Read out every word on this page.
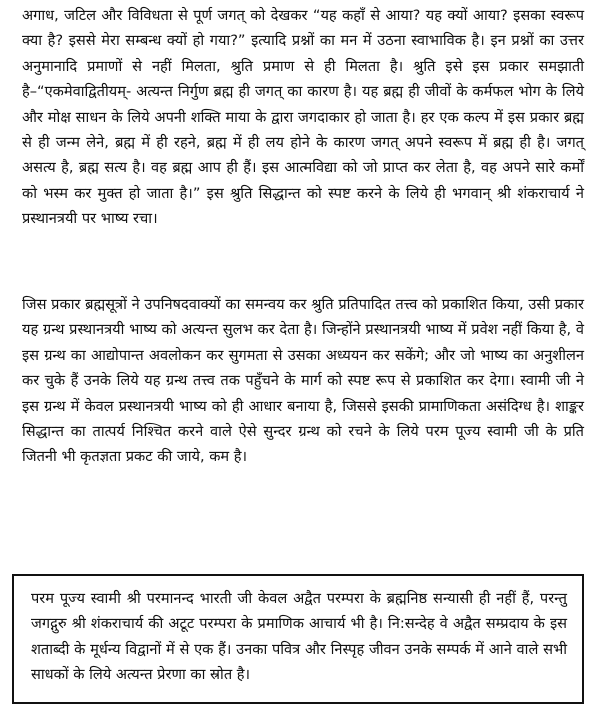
अगाध, जटिल और विविधता से पूर्ण जगत् को देखकर “यह कहाँ से आया? यह क्यों आया? इसका स्वरूप क्या है? इससे मेरा सम्बन्ध क्यों हो गया?” इत्यादि प्रश्नों का मन में उठना स्वाभाविक है। इन प्रश्नों का उत्तर अनुमानादि प्रमाणों से नहीं मिलता, श्रुति प्रमाण से ही मिलता है। श्रुति इसे इस प्रकार समझाती है–“एकमेवाद्वितीयम्- अत्यन्त निर्गुण ब्रह्म ही जगत् का कारण है। यह ब्रह्म ही जीवों के कर्मफल भोग के लिये और मोक्ष साधन के लिये अपनी शक्ति माया के द्वारा जगदाकार हो जाता है। हर एक कल्प में इस प्रकार ब्रह्म से ही जन्म लेने, ब्रह्म में ही रहने, ब्रह्म में ही लय होने के कारण जगत् अपने स्वरूप में ब्रह्म ही है। जगत् असत्य है, ब्रह्म सत्य है। वह ब्रह्म आप ही हैं। इस आत्मविद्या को जो प्राप्त कर लेता है, वह अपने सारे कर्मों को भस्म कर मुक्त हो जाता है।” इस श्रुति सिद्धान्त को स्पष्ट करने के लिये ही भगवान् श्री शंकराचार्य ने प्रस्थानत्रयी पर भाष्य रचा।

जिस प्रकार ब्रह्मसूत्रों ने उपनिषदवाक्यों का समन्वय कर श्रुति प्रतिपादित तत्त्व को प्रकाशित किया, उसी प्रकार यह ग्रन्थ प्रस्थानत्रयी भाष्य को अत्यन्त सुलभ कर देता है। जिन्होंने प्रस्थानत्रयी भाष्य में प्रवेश नहीं किया है, वे इस ग्रन्थ का आद्योपान्त अवलोकन कर सुगमता से उसका अध्ययन कर सकेंगे; और जो भाष्य का अनुशीलन कर चुके हैं उनके लिये यह ग्रन्थ तत्त्व तक पहुँचने के मार्ग को स्पष्ट रूप से प्रकाशित कर देगा। स्वामी जी ने इस ग्रन्थ में केवल प्रस्थानत्रयी भाष्य को ही आधार बनाया है, जिससे इसकी प्रामाणिकता असंदिग्ध है। शाङ्कर सिद्धान्त का तात्पर्य निश्चित करने वाले ऐसे सुन्दर ग्रन्थ को रचने के लिये परम पूज्य स्वामी जी के प्रति जितनी भी कृतज्ञता प्रकट की जाये, कम है।

परम पूज्य स्वामी श्री परमानन्द भारती जी केवल अद्वैत परम्परा के ब्रह्मनिष्ठ सन्यासी ही नहीं हैं, परन्तु जगद्गुरु श्री शंकराचार्य की अटूट परम्परा के प्रमाणिक आचार्य भी है। नि:सन्देह वे अद्वैत सम्प्रदाय के इस शताब्दी के मूर्धन्य विद्वानों में से एक हैं। उनका पवित्र और निस्पृह जीवन उनके सम्पर्क में आने वाले सभी साधकों के लिये अत्यन्त प्रेरणा का स्रोत है।
